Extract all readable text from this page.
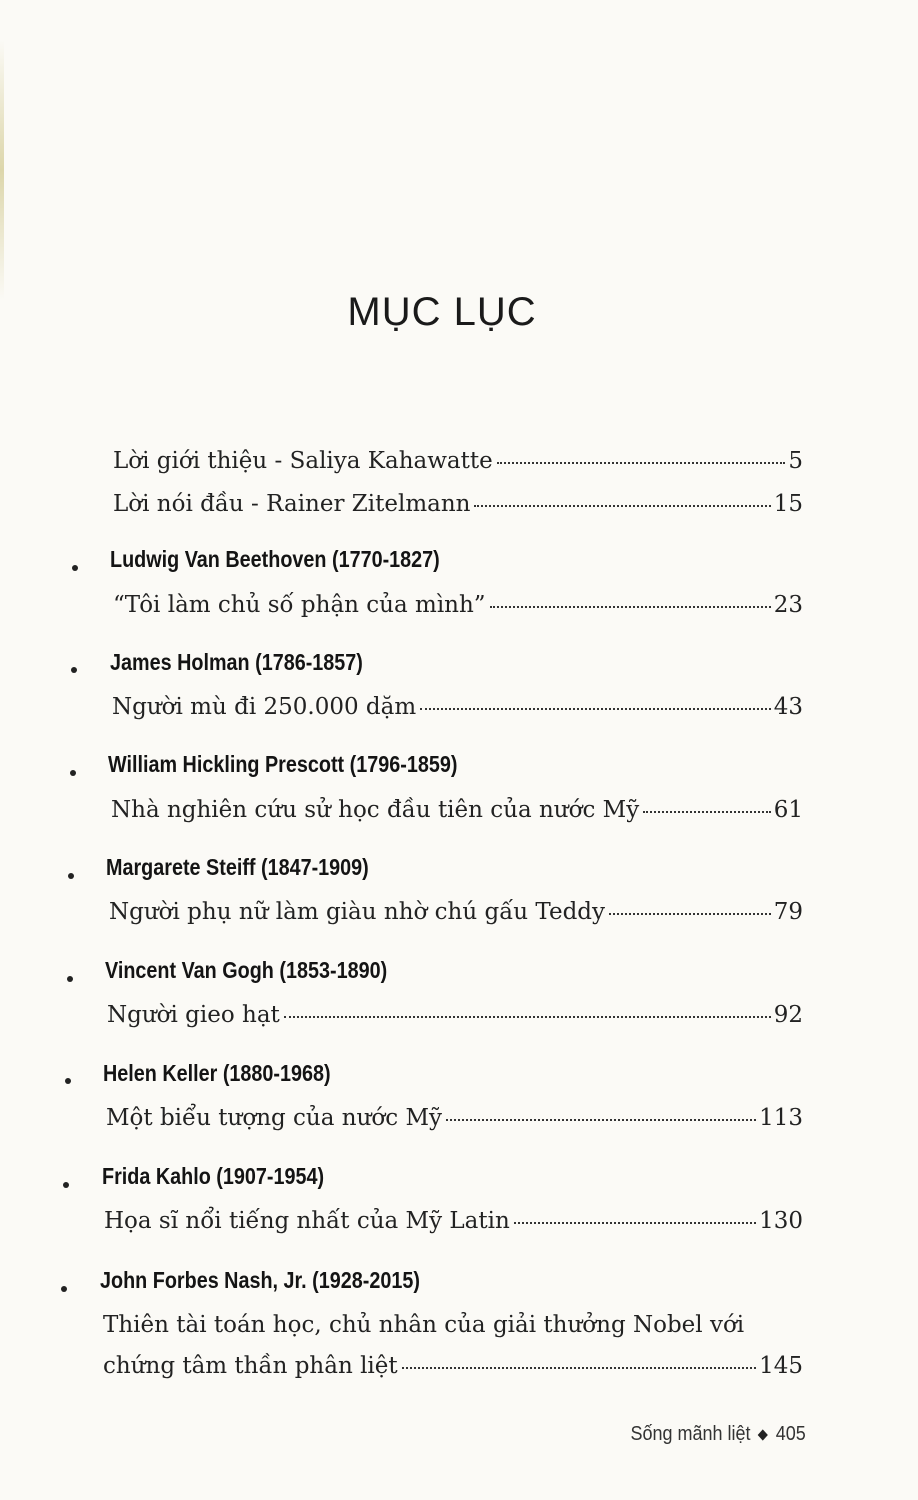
MỤC LỤC
Lời giới thiệu - Saliya Kahawatte	5
Lời nói đầu - Rainer Zitelmann	15
Ludwig Van Beethoven (1770-1827)
“Tôi làm chủ số phận của mình”	23
James Holman (1786-1857)
Người mù đi 250.000 dặm	43
William Hickling Prescott (1796-1859)
Nhà nghiên cứu sử học đầu tiên của nước Mỹ	61
Margarete Steiff (1847-1909)
Người phụ nữ làm giàu nhờ chú gấu Teddy	79
Vincent Van Gogh (1853-1890)
Người gieo hạt	92
Helen Keller (1880-1968)
Một biểu tượng của nước Mỹ	113
Frida Kahlo (1907-1954)
Họa sĩ nổi tiếng nhất của Mỹ Latin	130
John Forbes Nash, Jr. (1928-2015)
Thiên tài toán học, chủ nhân của giải thưởng Nobel với
chứng tâm thần phân liệt	145
Sống mãnh liệt 405
